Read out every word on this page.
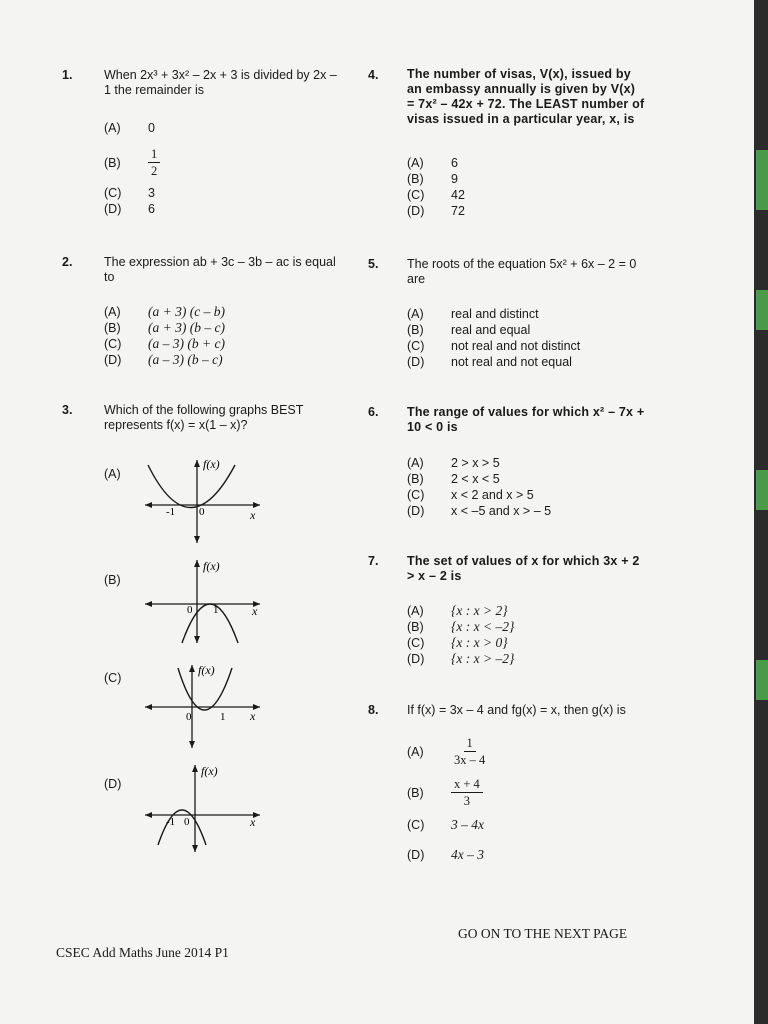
1.	When 2x³ + 3x² – 2x + 3 is divided by 2x – 1 the remainder is
(A)	0
(B)	$\frac{1}{2}$
(C)	3
(D)	6
2.	The expression ab + 3c – 3b – ac is equal to
(A)	(a + 3) (c – b)
(B)	(a + 3) (b – c)
(C)	(a – 3) (b + c)
(D)	(a – 3) (b – c)
3.	Which of the following graphs BEST represents f(x) = x(1 – x)?
(A)
f(x)
x
-1 0
(B)
f(x)
x
0 1
(C)
f(x)
x
0	1
(D)
f(x)
x
-1 0
4. The number of visas, V(x), issued by an embassy annually is given by V(x) = 7x² – 42x + 72. The LEAST number of visas issued in a particular year, x, is
(A)	6
(B)	9
(C)	42
(D)	72
5. The roots of the equation 5x² + 6x – 2 = 0 are
(A)	real and distinct
(B)	real and equal
(C)	not real and not distinct
(D)	not real and not equal
6. The range of values for which x² – 7x + 10 < 0 is
(A)	2 > x > 5
(B)	2 < x < 5
(C)	x < 2 and x > 5
(D)	x < –5 and x > – 5
7. The set of values of x for which 3x + 2 > x – 2 is
(A)	{x : x > 2}
(B)	{x : x < –2}
(C)	{x : x > 0}
(D)	{x : x > –2}
8. If f(x) = 3x – 4 and fg(x) = x, then g(x) is
(A)	$\frac{1}{3x - 4}$
(B)	$\frac{x + 4}{3}$
(C)	3 – 4x
(D)	4x – 3
CSEC Add Maths June 2014 P1
GO ON TO THE NEXT PAGE
